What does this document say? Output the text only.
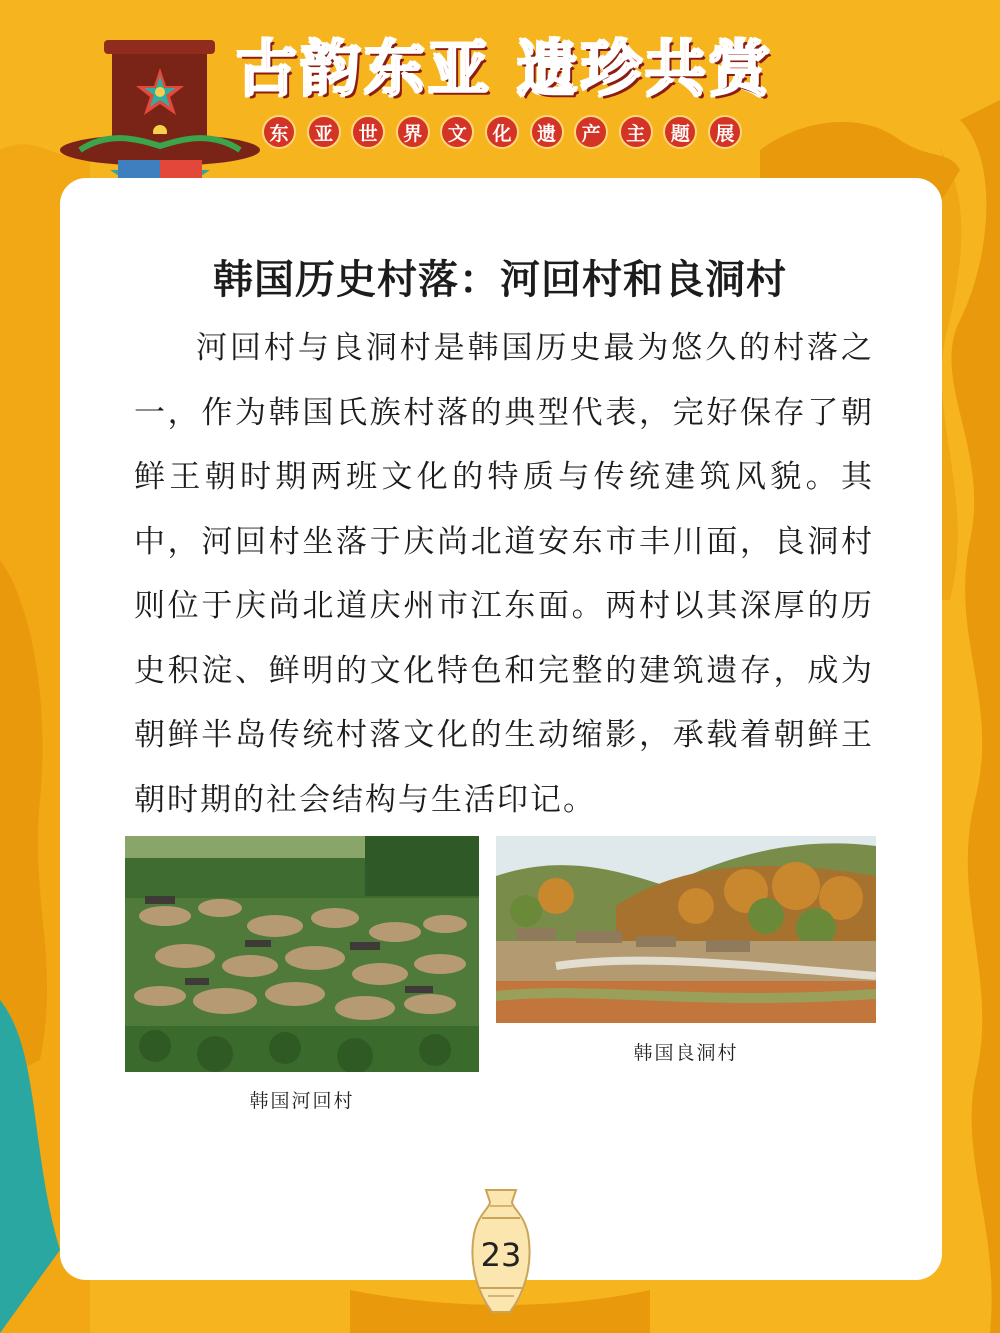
古韵东亚 遗珍共赏
东	亚	世	界	文	化	遗	产	主	题	展
韩国历史村落：河回村和良洞村
河回村与良洞村是韩国历史最为悠久的村落之一，作为韩国氏族村落的典型代表，完好保存了朝鲜王朝时期两班文化的特质与传统建筑风貌。其中，河回村坐落于庆尚北道安东市丰川面，良洞村则位于庆尚北道庆州市江东面。两村以其深厚的历史积淀、鲜明的文化特色和完整的建筑遗存，成为朝鲜半岛传统村落文化的生动缩影，承载着朝鲜王朝时期的社会结构与生活印记。
韩国河回村
韩国良洞村
23
